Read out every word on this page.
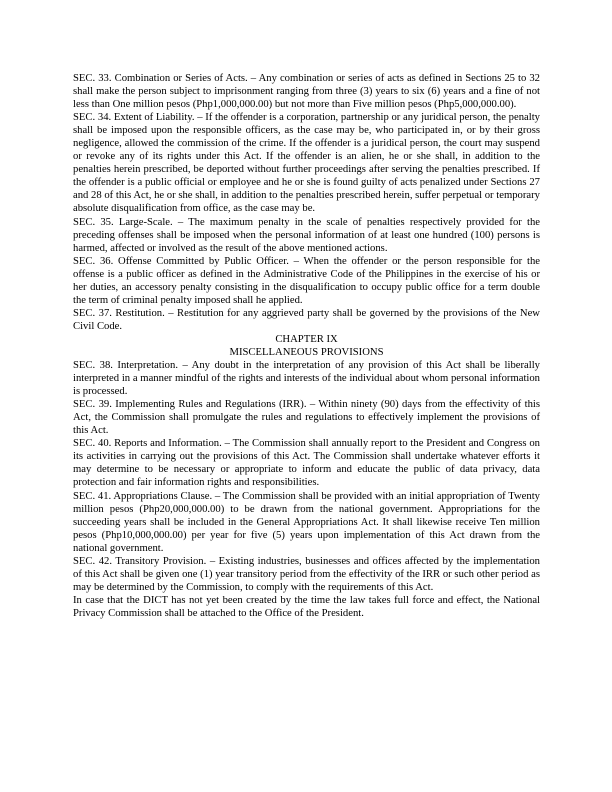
SEC. 33. Combination or Series of Acts. – Any combination or series of acts as defined in Sections 25 to 32 shall make the person subject to imprisonment ranging from three (3) years to six (6) years and a fine of not less than One million pesos (Php1,000,000.00) but not more than Five million pesos (Php5,000,000.00).

SEC. 34. Extent of Liability. – If the offender is a corporation, partnership or any juridical person, the penalty shall be imposed upon the responsible officers, as the case may be, who participated in, or by their gross negligence, allowed the commission of the crime. If the offender is a juridical person, the court may suspend or revoke any of its rights under this Act. If the offender is an alien, he or she shall, in addition to the penalties herein prescribed, be deported without further proceedings after serving the penalties prescribed. If the offender is a public official or employee and he or she is found guilty of acts penalized under Sections 27 and 28 of this Act, he or she shall, in addition to the penalties prescribed herein, suffer perpetual or temporary absolute disqualification from office, as the case may be.

SEC. 35. Large-Scale. – The maximum penalty in the scale of penalties respectively provided for the preceding offenses shall be imposed when the personal information of at least one hundred (100) persons is harmed, affected or involved as the result of the above mentioned actions.

SEC. 36. Offense Committed by Public Officer. – When the offender or the person responsible for the offense is a public officer as defined in the Administrative Code of the Philippines in the exercise of his or her duties, an accessory penalty consisting in the disqualification to occupy public office for a term double the term of criminal penalty imposed shall he applied.

SEC. 37. Restitution. – Restitution for any aggrieved party shall be governed by the provisions of the New Civil Code.

CHAPTER IX

MISCELLANEOUS PROVISIONS

SEC. 38. Interpretation. – Any doubt in the interpretation of any provision of this Act shall be liberally interpreted in a manner mindful of the rights and interests of the individual about whom personal information is processed.

SEC. 39. Implementing Rules and Regulations (IRR). – Within ninety (90) days from the effectivity of this Act, the Commission shall promulgate the rules and regulations to effectively implement the provisions of this Act.

SEC. 40. Reports and Information. – The Commission shall annually report to the President and Congress on its activities in carrying out the provisions of this Act. The Commission shall undertake whatever efforts it may determine to be necessary or appropriate to inform and educate the public of data privacy, data protection and fair information rights and responsibilities.

SEC. 41. Appropriations Clause. – The Commission shall be provided with an initial appropriation of Twenty million pesos (Php20,000,000.00) to be drawn from the national government. Appropriations for the succeeding years shall be included in the General Appropriations Act. It shall likewise receive Ten million pesos (Php10,000,000.00) per year for five (5) years upon implementation of this Act drawn from the national government.

SEC. 42. Transitory Provision. – Existing industries, businesses and offices affected by the implementation of this Act shall be given one (1) year transitory period from the effectivity of the IRR or such other period as may be determined by the Commission, to comply with the requirements of this Act.

In case that the DICT has not yet been created by the time the law takes full force and effect, the National Privacy Commission shall be attached to the Office of the President.
